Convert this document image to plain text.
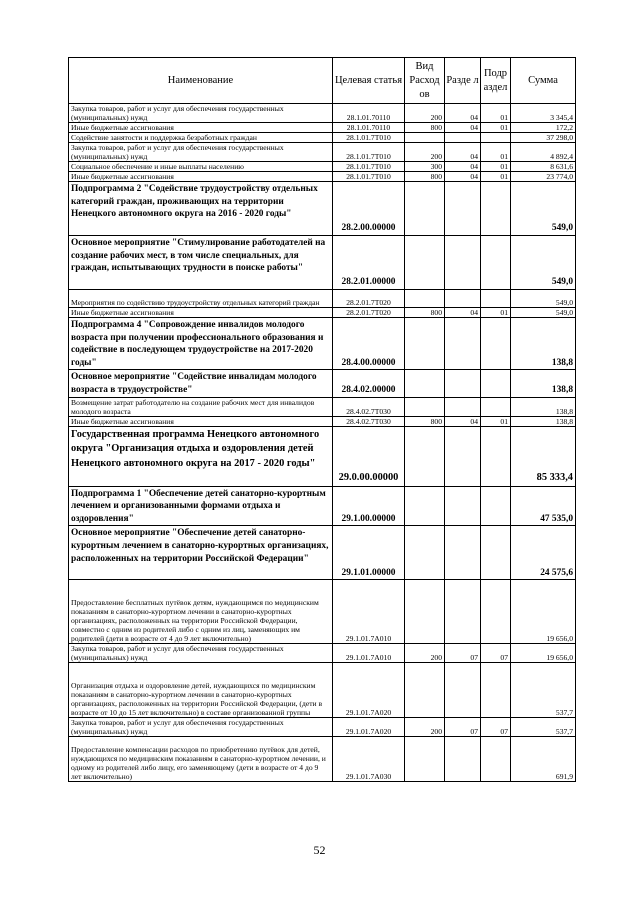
Наименование	Целевая статья	Вид Расход ов	Разде л	Подр аздел	Сумма
Закупка товаров, работ и услуг для обеспечения государственных (муниципальных) нужд	28.1.01.70110	200	04	01	3 345,4
Иные бюджетные ассигнования	28.1.01.70110	800	04	01	172,2
Содействие занятости и поддержка безработных граждан	28.1.01.7Т010				37 298,0
Закупка товаров, работ и услуг для обеспечения государственных (муниципальных) нужд	28.1.01.7Т010	200	04	01	4 892,4
Социальное обеспечение и иные выплаты населению	28.1.01.7Т010	300	04	01	8 631,6
Иные бюджетные ассигнования	28.1.01.7Т010	800	04	01	23 774,0
Подпрограмма 2 "Содействие трудоустройству отдельных категорий граждан, проживающих на территории Ненецкого автономного округа на 2016 - 2020 годы"	28.2.00.00000				549,0
Основное мероприятие "Стимулирование работодателей на создание рабочих мест, в том числе специальных, для граждан, испытывающих трудности в поиске работы"	28.2.01.00000				549,0
Мероприятия по содействию трудоустройству отдельных категорий граждан	28.2.01.7Т020				549,0
Иные бюджетные ассигнования	28.2.01.7Т020	800	04	01	549,0
Подпрограмма 4 "Сопровождение инвалидов молодого возраста при получении профессионального образования и содействие в последующем трудоустройстве на 2017-2020 годы"	28.4.00.00000				138,8
Основное мероприятие "Содействие инвалидам молодого возраста в трудоустройстве"	28.4.02.00000				138,8
Возмещение затрат работодателю на создание рабочих мест для инвалидов молодого возраста	28.4.02.7Т030				138,8
Иные бюджетные ассигнования	28.4.02.7Т030	800	04	01	138,8
Государственная программа Ненецкого автономного округа "Организация отдыха и оздоровления детей Ненецкого автономного округа на 2017 - 2020 годы"	29.0.00.00000				85 333,4
Подпрограмма 1 "Обеспечение детей санаторно-курортным лечением и организованными формами отдыха и оздоровления"	29.1.00.00000				47 535,0
Основное мероприятие "Обеспечение детей санаторно-курортным лечением в санаторно-курортных организациях, расположенных на территории Российской Федерации"	29.1.01.00000				24 575,6
Предоставление бесплатных путёвок детям, нуждающимся по медицинским показаниям в санаторно-курортном лечении в санаторно-курортных организациях, расположенных на территории Российской Федерации, совместно с одним из родителей либо с одним из лиц, заменяющих им родителей (дети в возрасте от 4 до 9 лет включительно)	29.1.01.7А010				19 656,0
Закупка товаров, работ и услуг для обеспечения государственных (муниципальных) нужд	29.1.01.7А010	200	07	07	19 656,0
Организация отдыха и оздоровление детей, нуждающихся по медицинским показаниям в санаторно-курортном лечении в санаторно-курортных организациях, расположенных на территории Российской Федерации, (дети в возрасте от 10 до 15 лет включительно) в составе организованной группы	29.1.01.7А020				537,7
Закупка товаров, работ и услуг для обеспечения государственных (муниципальных) нужд	29.1.01.7А020	200	07	07	537,7
Предоставление компенсации расходов по приобретению путёвок для детей, нуждающихся по медицинским показаниям в санаторно-курортном лечении, и одному из родителей либо лицу, его заменяющему (дети в возрасте от 4 до 9 лет включительно)	29.1.01.7А030				691,9
52
